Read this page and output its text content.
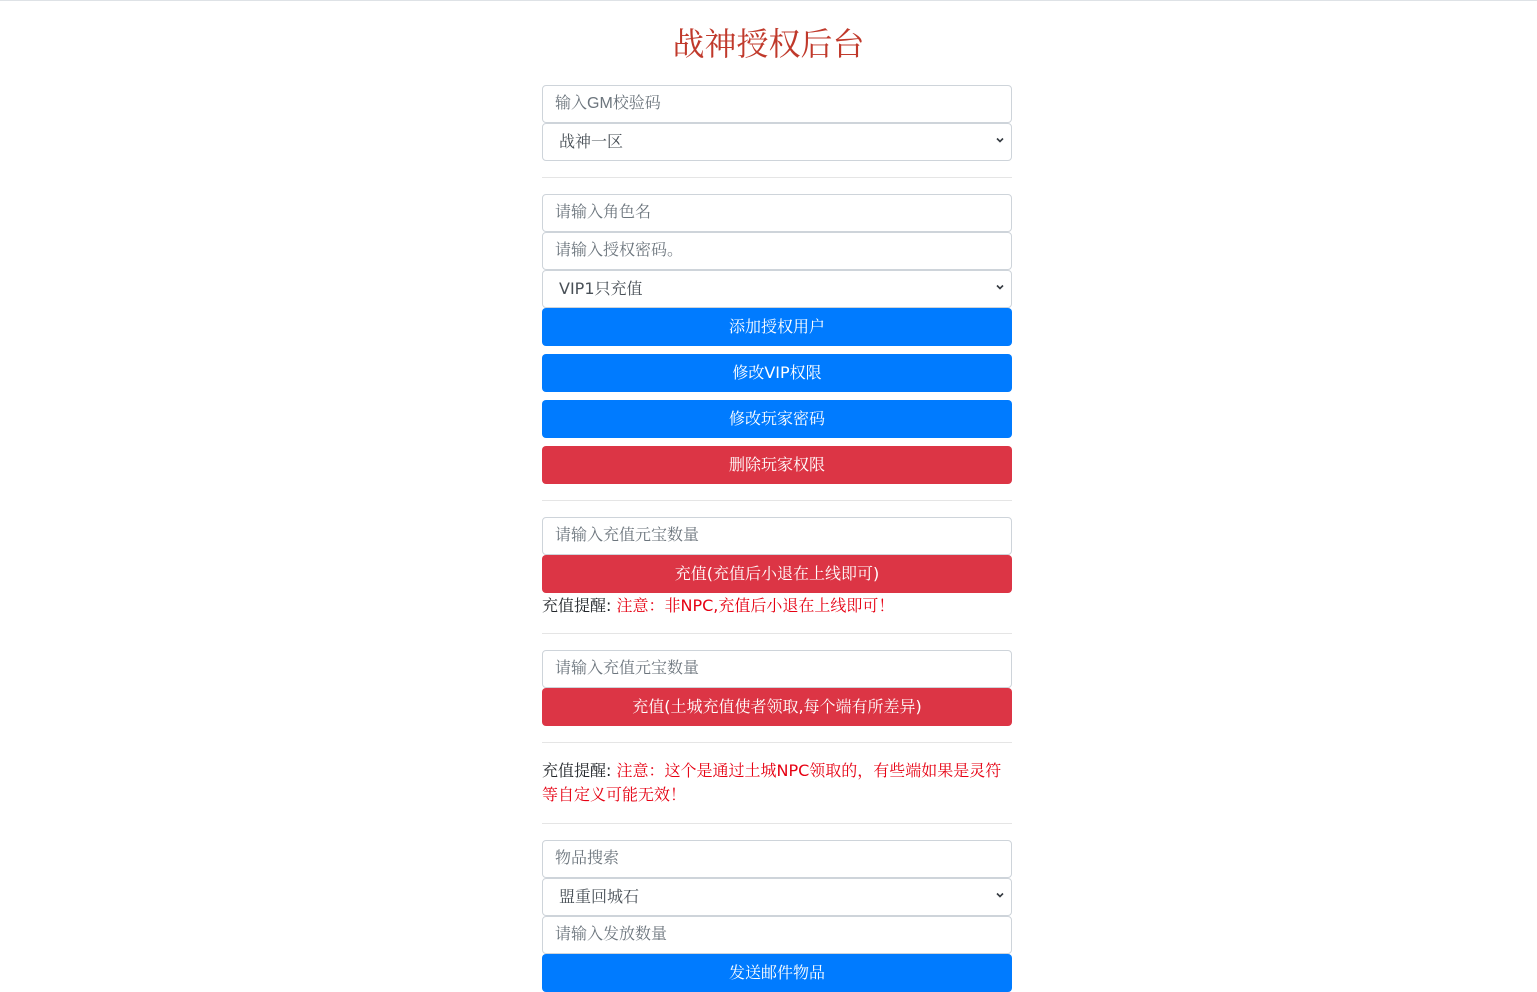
战神授权后台
输入GM校验码
战神一区
请输入角色名
请输入授权密码。
VIP1只充值
添加授权用户
修改VIP权限
修改玩家密码
删除玩家权限
请输入充值元宝数量
充值(充值后小退在上线即可)
充值提醒: 注意：非NPC,充值后小退在上线即可！
请输入充值元宝数量
充值(土城充值使者领取,每个端有所差异)
充值提醒: 注意：这个是通过土城NPC领取的，有些端如果是灵符等自定义可能无效！
物品搜索
盟重回城石
请输入发放数量
发送邮件物品
